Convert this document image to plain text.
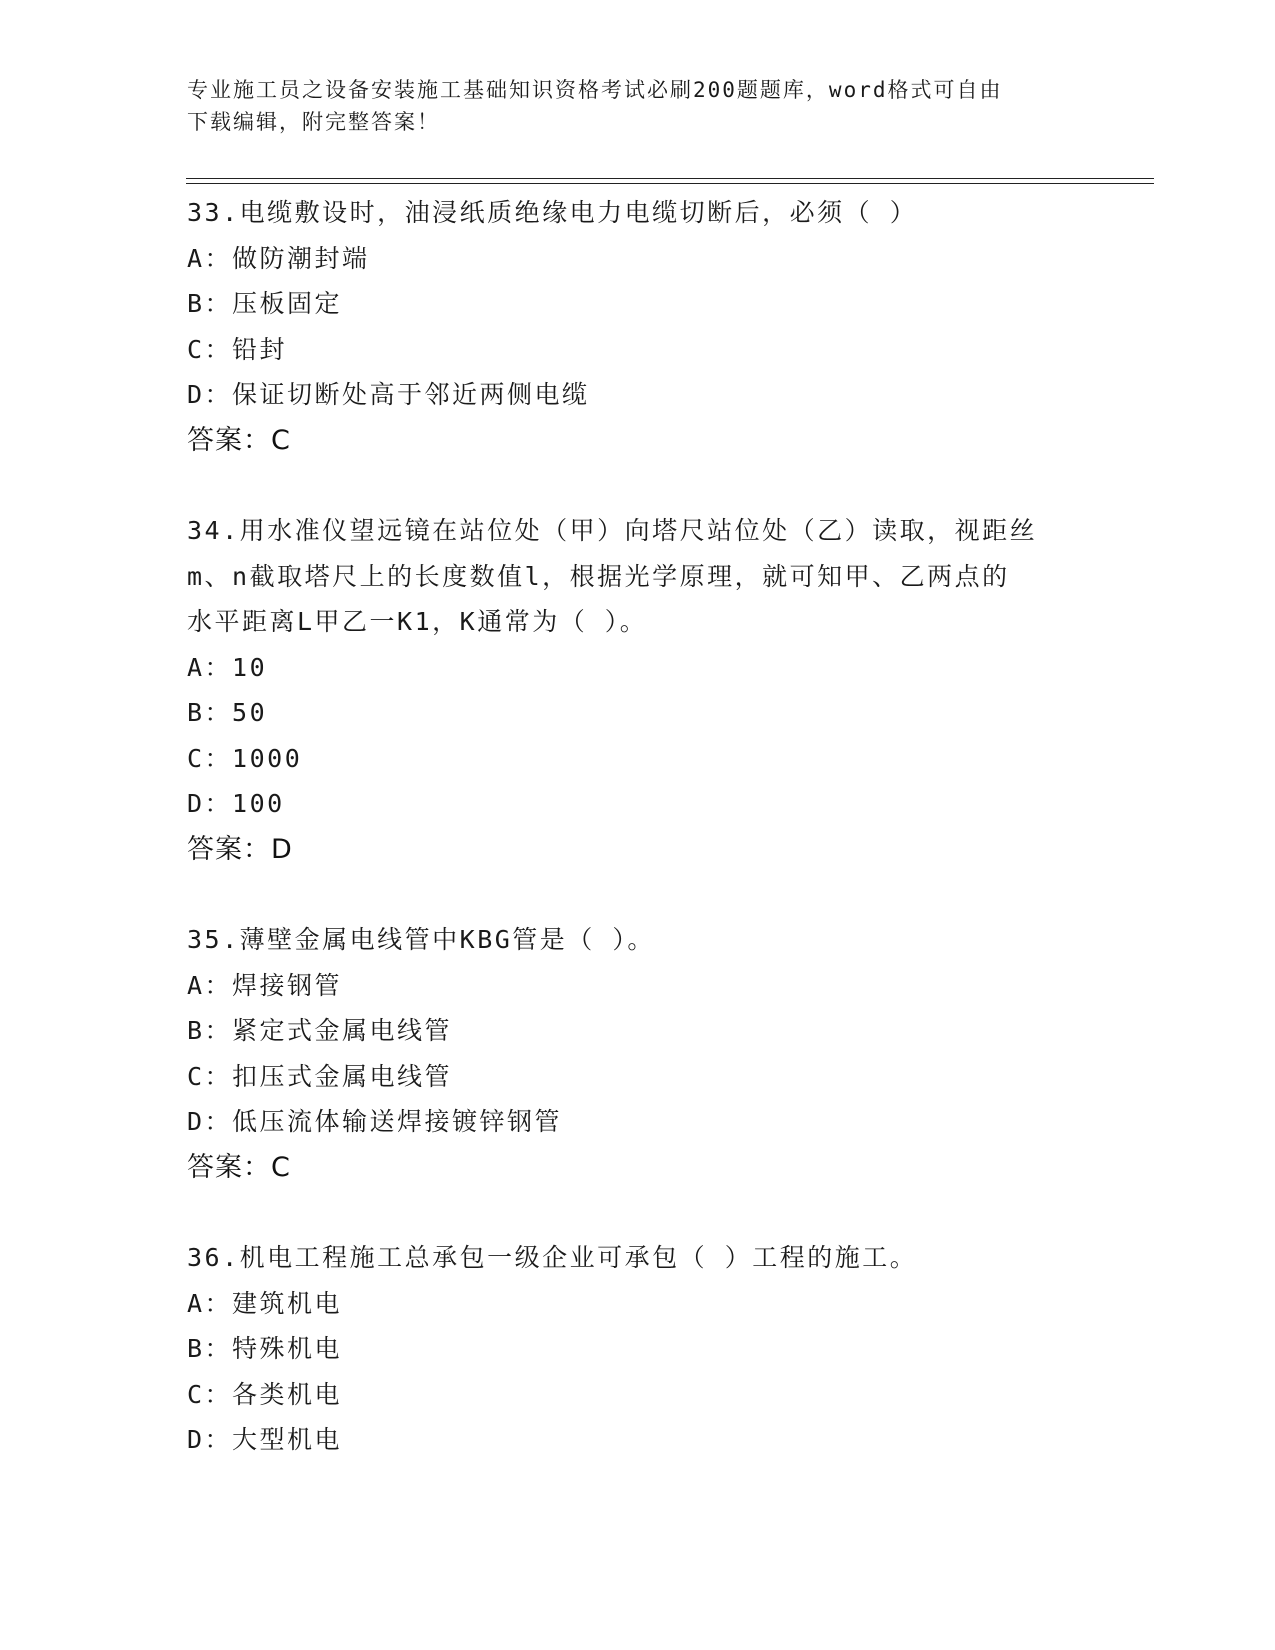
专业施工员之设备安装施工基础知识资格考试必刷200题题库，word格式可自由
下载编辑，附完整答案！
33.电缆敷设时，油浸纸质绝缘电力电缆切断后，必须（ ）
A：做防潮封端
B：压板固定
C：铅封
D：保证切断处高于邻近两侧电缆
答案：C
34.用水准仪望远镜在站位处（甲）向塔尺站位处（乙）读取，视距丝
m、n截取塔尺上的长度数值l，根据光学原理，就可知甲、乙两点的
水平距离L甲乙一K1，K通常为（ ）。
A：10
B：50
C：1000
D：100
答案：D
35.薄壁金属电线管中KBG管是（ ）。
A：焊接钢管
B：紧定式金属电线管
C：扣压式金属电线管
D：低压流体输送焊接镀锌钢管
答案：C
36.机电工程施工总承包一级企业可承包（ ）工程的施工。
A：建筑机电
B：特殊机电
C：各类机电
D：大型机电
